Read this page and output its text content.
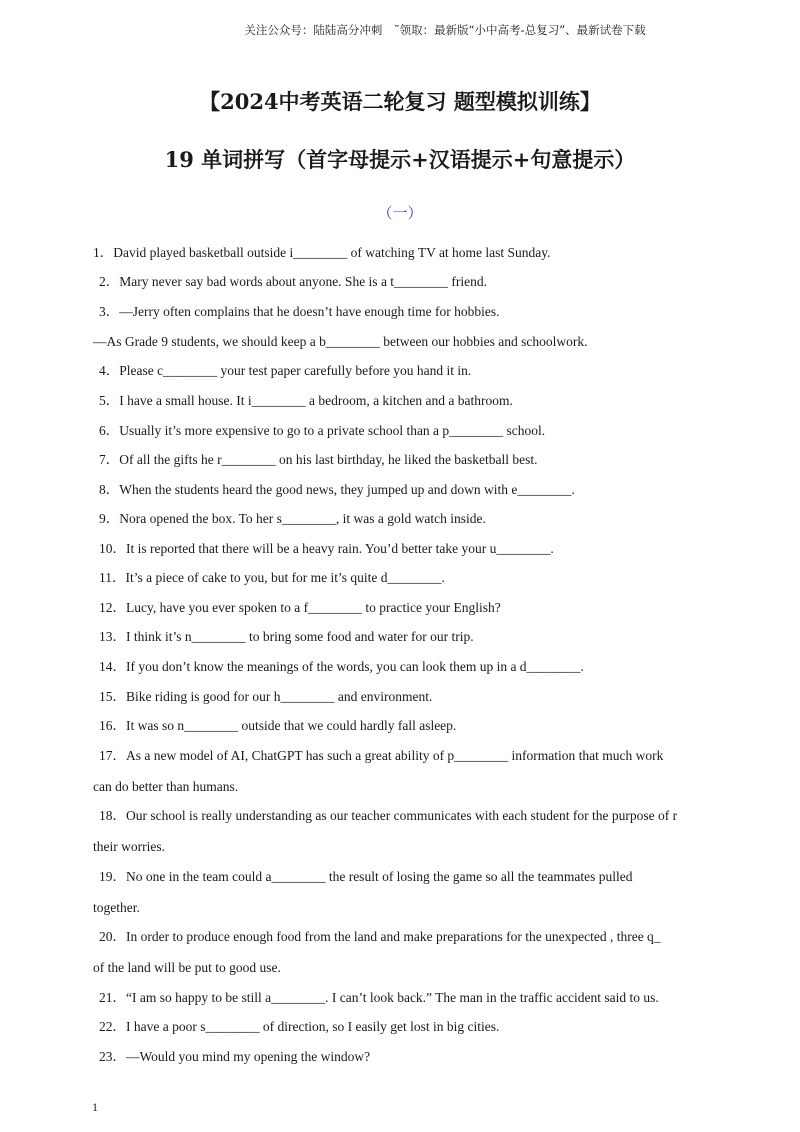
关注公众号：陆陆高分冲刺　˜领取：最新版“小中高考-总复习”、最新试卷下载
【2024中考英语二轮复习 题型模拟训练】
19 单词拼写（首字母提示+汉语提示+句意提示）
（一）
1．David played basketball outside i________ of watching TV at home last Sunday.
2．Mary never say bad words about anyone. She is a t________ friend.
3．—Jerry often complains that he doesn’t have enough time for hobbies.
—As Grade 9 students, we should keep a b________ between our hobbies and schoolwork.
4．Please c________ your test paper carefully before you hand it in.
5．I have a small house. It i________ a bedroom, a kitchen and a bathroom.
6．Usually it’s more expensive to go to a private school than a p________ school.
7．Of all the gifts he r________ on his last birthday, he liked the basketball best.
8．When the students heard the good news, they jumped up and down with e________.
9．Nora opened the box. To her s________, it was a gold watch inside.
10．It is reported that there will be a heavy rain. You’d better take your u________.
11．It’s a piece of cake to you, but for me it’s quite d________.
12．Lucy, have you ever spoken to a f________ to practice your English?
13．I think it’s n________ to bring some food and water for our trip.
14．If you don’t know the meanings of the words, you can look them up in a d________.
15．Bike riding is good for our h________ and environment.
16．It was so n________ outside that we could hardly fall asleep.
17．As a new model of AI, ChatGPT has such a great ability of p________ information that much work
can do better than humans.
18．Our school is really understanding as our teacher communicates with each student for the purpose of r
their worries.
19．No one in the team could a________ the result of losing the game so all the teammates pulled
together.
20．In order to produce enough food from the land and make preparations for the unexpected , three q_
of the land will be put to good use.
21．“I am so happy to be still a________. I can’t look back.” The man in the traffic accident said to us.
22．I have a poor s________ of direction, so I easily get lost in big cities.
23．—Would you mind my opening the window?
1
